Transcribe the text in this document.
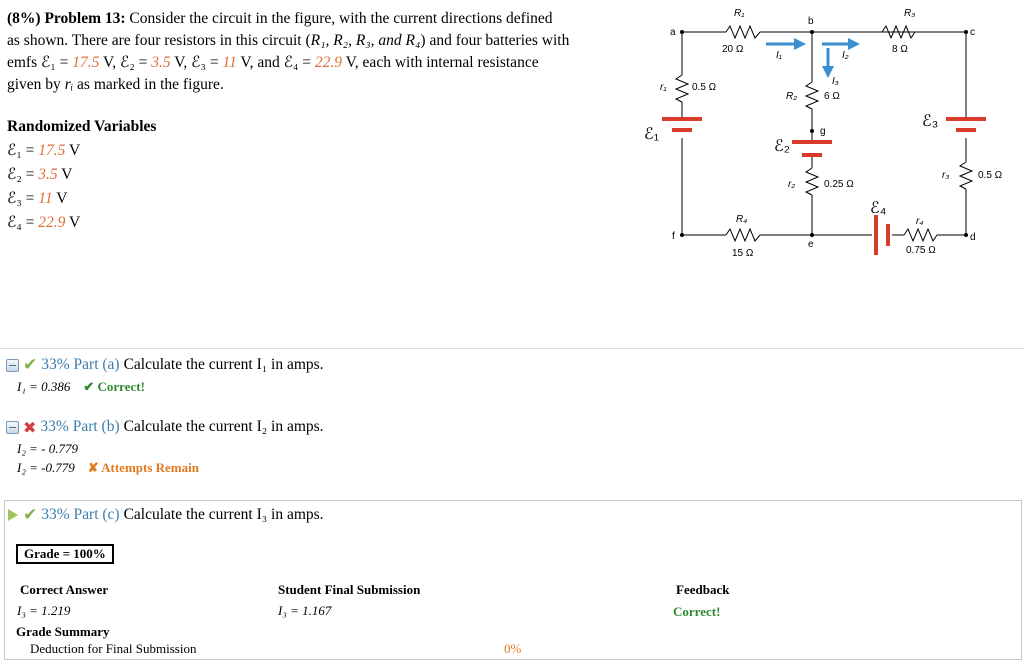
(8%) Problem 13: Consider the circuit in the figure, with the current directions defined
as shown. There are four resistors in this circuit (R₁, R₂, R₃, and R₄) and four batteries with
emfs ℰ₁ = 17.5 V, ℰ₂ = 3.5 V, ℰ₃ = 11 V, and ℰ₄ = 22.9 V, each with internal resistance
given by rᵢ as marked in the figure.
Randomized Variables
ℰ₁ = 17.5 V
ℰ₂ = 3.5 V
ℰ₃ = 11 V
ℰ₄ = 22.9 V
a
b
c
d
e
f
g
R₁
20 Ω
R₃
8 Ω
R₂	6 Ω
R₄
15 Ω
r₁	0.5 Ω
r₂	0.25 Ω
r₃	0.5 Ω
r₄
0.75 Ω
I₁	I₂
I₃
ℰ₁
ℰ₂
ℰ₃
ℰ₄
✔ 33% Part (a) Calculate the current I₁ in amps.
I₁ = 0.386 ✔ Correct!
✖ 33% Part (b) Calculate the current I₂ in amps.
I₂ = - 0.779
I₂ = -0.779 ✘ Attempts Remain
✔ 33% Part (c) Calculate the current I₃ in amps.
Grade = 100%
Correct Answer	Student Final Submission	Feedback
I₃ = 1.219	I₃ = 1.167	Correct!
Grade Summary
Deduction for Final Submission	0%
